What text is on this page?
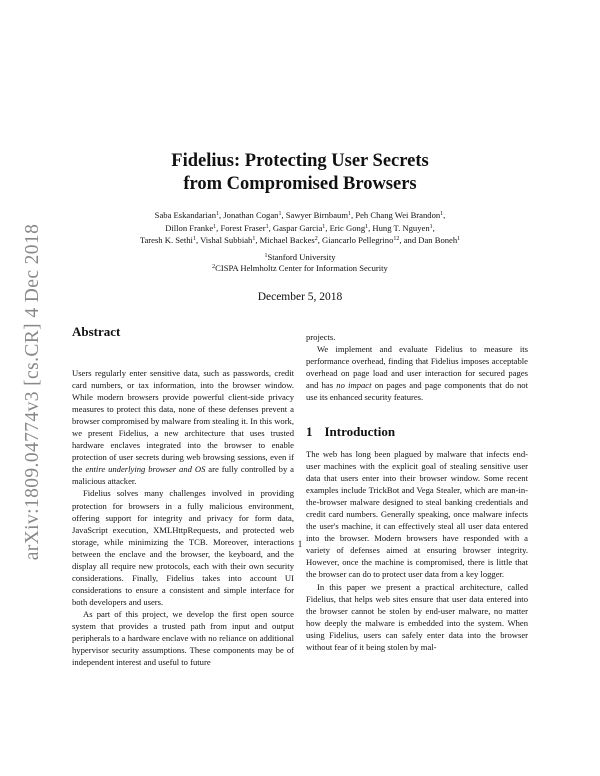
arXiv:1809.04774v3 [cs.CR] 4 Dec 2018
Fidelius: Protecting User Secrets
from Compromised Browsers
Saba Eskandarian$^1$, Jonathan Cogan$^1$, Sawyer Birnbaum$^1$, Peh Chang Wei Brandon$^1$,
Dillon Franke$^1$, Forest Fraser$^1$, Gaspar Garcia$^1$, Eric Gong$^1$, Hung T. Nguyen$^1$,
Taresh K. Sethi$^1$, Vishal Subbiah$^1$, Michael Backes$^2$, Giancarlo Pellegrino$^{12}$, and Dan Boneh$^1$
$^1$Stanford University
$^2$CISPA Helmholtz Center for Information Security
December 5, 2018
Abstract

Users regularly enter sensitive data, such as passwords, credit card numbers, or tax information, into the browser window. While modern browsers provide powerful client-side privacy measures to protect this data, none of these defenses prevent a browser compromised by malware from stealing it. In this work, we present Fidelius, a new architecture that uses trusted hardware enclaves integrated into the browser to enable protection of user secrets during web browsing sessions, even if the entire underlying browser and OS are fully controlled by a malicious attacker.

Fidelius solves many challenges involved in providing protection for browsers in a fully malicious environment, offering support for integrity and privacy for form data, JavaScript execution, XMLHttpRequests, and protected web storage, while minimizing the TCB. Moreover, interactions between the enclave and the browser, the keyboard, and the display all require new protocols, each with their own security considerations. Finally, Fidelius takes into account UI considerations to ensure a consistent and simple interface for both developers and users.

As part of this project, we develop the first open source system that provides a trusted path from input and output peripherals to a hardware enclave with no reliance on additional hypervisor security assumptions. These components may be of independent interest and useful to future

projects.

We implement and evaluate Fidelius to measure its performance overhead, finding that Fidelius imposes acceptable overhead on page load and user interaction for secured pages and has no impact on pages and page components that do not use its enhanced security features.

1 Introduction

The web has long been plagued by malware that infects end-user machines with the explicit goal of stealing sensitive user data that users enter into their browser window. Some recent examples include TrickBot and Vega Stealer, which are man-in-the-browser malware designed to steal banking credentials and credit card numbers. Generally speaking, once malware infects the user's machine, it can effectively steal all user data entered into the browser. Modern browsers have responded with a variety of defenses aimed at ensuring browser integrity. However, once the machine is compromised, there is little that the browser can do to protect user data from a key logger.

In this paper we present a practical architecture, called Fidelius, that helps web sites ensure that user data entered into the browser cannot be stolen by end-user malware, no matter how deeply the malware is embedded into the system. When using Fidelius, users can safely enter data into the browser without fear of it being stolen by mal-

1
